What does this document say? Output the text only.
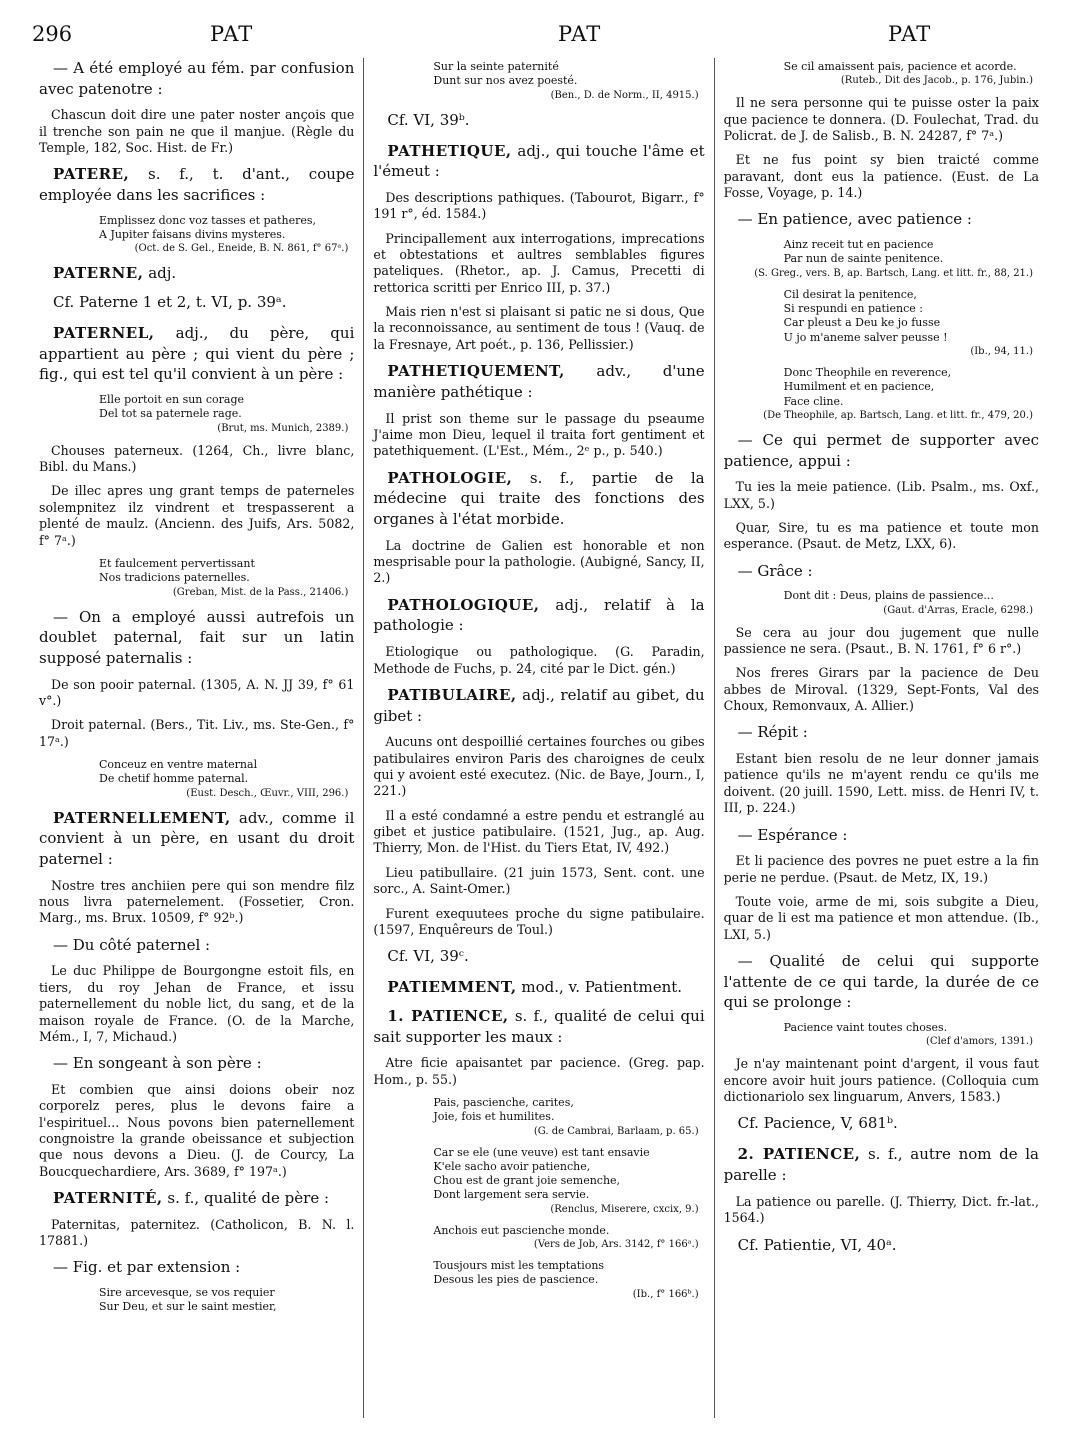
296	PAT	PAT	PAT

— A été employé au fém. par confusion avec patenotre :

Chascun doit dire une pater noster ançois que il trenche son pain ne que il manjue. (Règle du Temple, 182, Soc. Hist. de Fr.)

PATERE, s. f., t. d'ant., coupe employée dans les sacrifices :

Emplissez donc voz tasses et patheres,
A Jupiter faisans divins mysteres.
(Oct. de S. Gel., Eneide, B. N. 861, f° 67ᵃ.)

PATERNE, adj.

Cf. Paterne 1 et 2, t. VI, p. 39ᵃ.

PATERNEL, adj., du père, qui appartient au père ; qui vient du père ; fig., qui est tel qu'il convient à un père :

Elle portoit en sun corage
Del tot sa paternele rage.
(Brut, ms. Munich, 2389.)

Chouses paterneux. (1264, Ch., livre blanc, Bibl. du Mans.)

De illec apres ung grant temps de paterneles solempnitez ilz vindrent et trespasserent a plenté de maulz. (Ancienn. des Juifs, Ars. 5082, f° 7ᵃ.)

Et faulcement pervertissant
Nos tradicions paternelles.
(Greban, Mist. de la Pass., 21406.)

— On a employé aussi autrefois un doublet paternal, fait sur un latin supposé paternalis :

De son pooir paternal. (1305, A. N. JJ 39, f° 61 v°.)

Droit paternal. (Bers., Tit. Liv., ms. Ste-Gen., f° 17ᵃ.)

Conceuz en ventre maternal
De chetif homme paternal.
(Eust. Desch., Œuvr., VIII, 296.)

PATERNELLEMENT, adv., comme il convient à un père, en usant du droit paternel :

Nostre tres anchiien pere qui son mendre filz nous livra paternelement. (Fossetier, Cron. Marg., ms. Brux. 10509, f° 92ᵇ.)

— Du côté paternel :

Le duc Philippe de Bourgongne estoit fils, en tiers, du roy Jehan de France, et issu paternellement du noble lict, du sang, et de la maison royale de France. (O. de la Marche, Mém., I, 7, Michaud.)

— En songeant à son père :

Et combien que ainsi doions obeir noz corporelz peres, plus le devons faire a l'espirituel... Nous povons bien paternellement congnoistre la grande obeissance et subjection que nous devons a Dieu. (J. de Courcy, La Boucquechardiere, Ars. 3689, f° 197ᵃ.)

PATERNITÉ, s. f., qualité de père :

Paternitas, paternitez. (Catholicon, B. N. l. 17881.)

— Fig. et par extension :

Sire arcevesque, se vos requier
Sur Deu, et sur le saint mestier,
Sur la seinte paternité
Dunt sur nos avez poesté.
(Ben., D. de Norm., II, 4915.)

Cf. VI, 39ᵇ.

PATHETIQUE, adj., qui touche l'âme et l'émeut :

Des descriptions pathiques. (Tabourot, Bigarr., f° 191 r°, éd. 1584.)

Principallement aux interrogations, imprecations et obtestations et aultres semblables figures pateliques. (Rhetor., ap. J. Camus, Precetti di rettorica scritti per Enrico III, p. 37.)

Mais rien n'est si plaisant si patic ne si dous, Que la reconnoissance, au sentiment de tous ! (Vauq. de la Fresnaye, Art poét., p. 136, Pellissier.)

PATHETIQUEMENT, adv., d'une manière pathétique :

Il prist son theme sur le passage du pseaume J'aime mon Dieu, lequel il traita fort gentiment et patethiquement. (L'Est., Mém., 2ᵉ p., p. 540.)

PATHOLOGIE, s. f., partie de la médecine qui traite des fonctions des organes à l'état morbide.

La doctrine de Galien est honorable et non mesprisable pour la pathologie. (Aubigné, Sancy, II, 2.)

PATHOLOGIQUE, adj., relatif à la pathologie :

Etiologique ou pathologique. (G. Paradin, Methode de Fuchs, p. 24, cité par le Dict. gén.)

PATIBULAIRE, adj., relatif au gibet, du gibet :

Aucuns ont despoillié certaines fourches ou gibes patibulaires environ Paris des charoignes de ceulx qui y avoient esté executez. (Nic. de Baye, Journ., I, 221.)

Il a esté condamné a estre pendu et estranglé au gibet et justice patibulaire. (1521, Jug., ap. Aug. Thierry, Mon. de l'Hist. du Tiers Etat, IV, 492.)

Lieu patibullaire. (21 juin 1573, Sent. cont. une sorc., A. Saint-Omer.)

Furent exequutees proche du signe patibulaire. (1597, Enquêreurs de Toul.)

Cf. VI, 39ᶜ.

PATIEMMENT, mod., v. Patientment.

1. PATIENCE, s. f., qualité de celui qui sait supporter les maux :

Atre ficie apaisantet par pacience. (Greg. pap. Hom., p. 55.)

Pais, pascienche, carites,
Joie, fois et humilites.
(G. de Cambrai, Barlaam, p. 65.)
Car se ele (une veuve) est tant ensavie
K'ele sacho avoir patienche,
Chou est de grant joie semenche,
Dont largement sera servie.
(Renclus, Miserere, cxcix, 9.)
Anchois eut pascienche monde.
(Vers de Job, Ars. 3142, f° 166ᵃ.)
Tousjours mist les temptations
Desous les pies de pascience.
(Ib., f° 166ᵇ.)
Se cil amaissent pais, pacience et acorde.
(Ruteb., Dit des Jacob., p. 176, Jubin.)

Il ne sera personne qui te puisse oster la paix que pacience te donnera. (D. Foulechat, Trad. du Policrat. de J. de Salisb., B. N. 24287, f° 7ᵃ.)

Et ne fus point sy bien traicté comme paravant, dont eus la patience. (Eust. de La Fosse, Voyage, p. 14.)

— En patience, avec patience :

Ainz receit tut en pacience
Par nun de sainte penitence.
(S. Greg., vers. B, ap. Bartsch, Lang. et litt. fr., 88, 21.)
Cil desirat la penitence,
Si respundi en patience :
Car pleust a Deu ke jo fusse
U jo m'aneme salver peusse !
(Ib., 94, 11.)
Donc Theophile en reverence,
Humilment et en pacience,
Face cline.
(De Theophile, ap. Bartsch, Lang. et litt. fr., 479, 20.)

— Ce qui permet de supporter avec patience, appui :

Tu ies la meie patience. (Lib. Psalm., ms. Oxf., LXX, 5.)

Quar, Sire, tu es ma patience et toute mon esperance. (Psaut. de Metz, LXX, 6).

— Grâce :

Dont dit : Deus, plains de passience...
(Gaut. d'Arras, Eracle, 6298.)

Se cera au jour dou jugement que nulle passience ne sera. (Psaut., B. N. 1761, f° 6 r°.)

Nos freres Girars par la pacience de Deu abbes de Miroval. (1329, Sept-Fonts, Val des Choux, Remonvaux, A. Allier.)

— Répit :

Estant bien resolu de ne leur donner jamais patience qu'ils ne m'ayent rendu ce qu'ils me doivent. (20 juill. 1590, Lett. miss. de Henri IV, t. III, p. 224.)

— Espérance :

Et li pacience des povres ne puet estre a la fin perie ne perdue. (Psaut. de Metz, IX, 19.)

Toute voie, arme de mi, sois subgite a Dieu, quar de li est ma patience et mon attendue. (Ib., LXI, 5.)

— Qualité de celui qui supporte l'attente de ce qui tarde, la durée de ce qui se prolonge :

Pacience vaint toutes choses.
(Clef d'amors, 1391.)

Je n'ay maintenant point d'argent, il vous faut encore avoir huit jours patience. (Colloquia cum dictionariolo sex linguarum, Anvers, 1583.)

Cf. Pacience, V, 681ᵇ.

2. PATIENCE, s. f., autre nom de la parelle :

La patience ou parelle. (J. Thierry, Dict. fr.-lat., 1564.)

Cf. Patientie, VI, 40ᵃ.
